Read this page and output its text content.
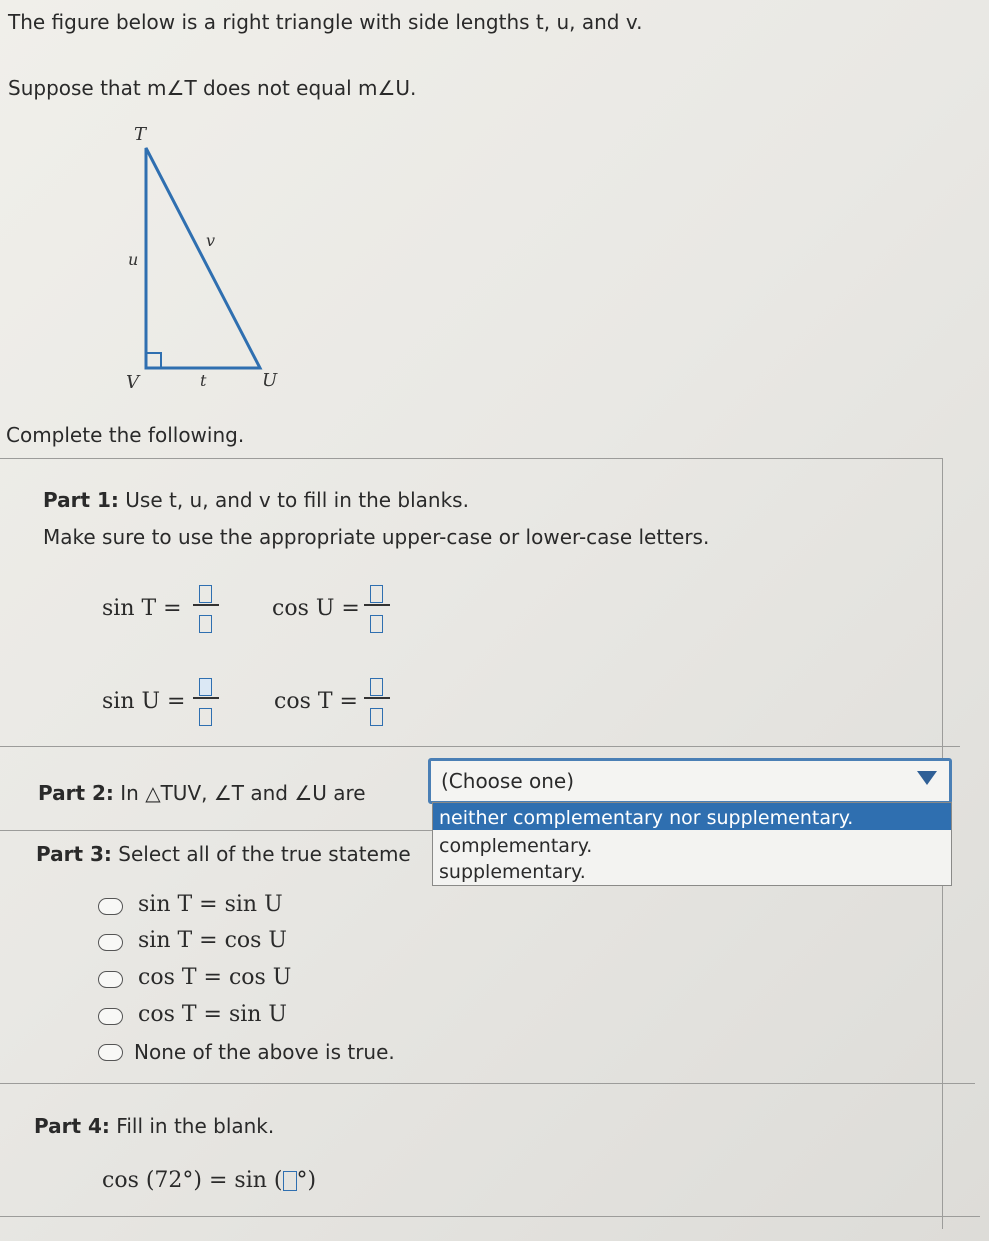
The figure below is a right triangle with side lengths t, u, and v.
Suppose that m∠T does not equal m∠U.
T
u
v
V	t	U
Complete the following.
Part 1: Use t, u, and v to fill in the blanks.
Make sure to use the appropriate upper-case or lower-case letters.
sin T =	cos U =
sin U =	cos T =
Part 2: In △TUV, ∠T and ∠U are	(Choose one)
neither complementary nor supplementary.
complementary.
supplementary.
Part 3: Select all of the true stateme
sin T = sin U
sin T = cos U
cos T = cos U
cos T = sin U
None of the above is true.
Part 4: Fill in the blank.
cos (72°) = sin ( °)
